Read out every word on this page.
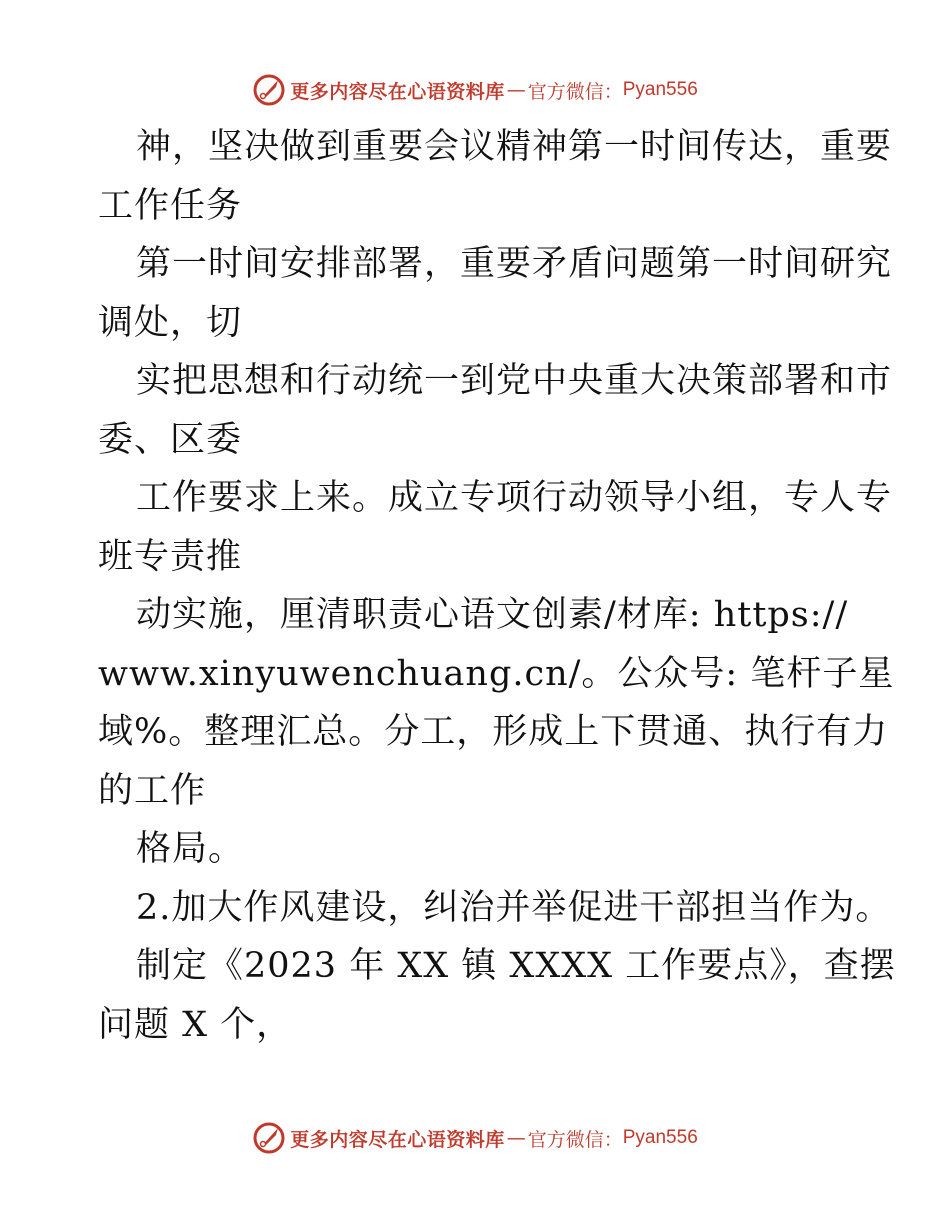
更多内容尽在心语资料库 — 官方微信： Pyan556
神，坚决做到重要会议精神第一时间传达，重要
工作任务
第一时间安排部署，重要矛盾问题第一时间研究
调处，切
实把思想和行动统一到党中央重大决策部署和市
委、区委
工作要求上来。成立专项行动领导小组，专人专
班专责推
动实施，厘清职责心语文创素/材库: https://
www.xinyuwenchuang.cn/。公众号: 笔杆子星
域%。整理汇总。分工，形成上下贯通、执行有力
的工作
格局。
2.加大作风建设，纠治并举促进干部担当作为。
制定《2023 年 XX 镇 XXXX 工作要点》，查摆
问题 X 个，
更多内容尽在心语资料库 — 官方微信： Pyan556
